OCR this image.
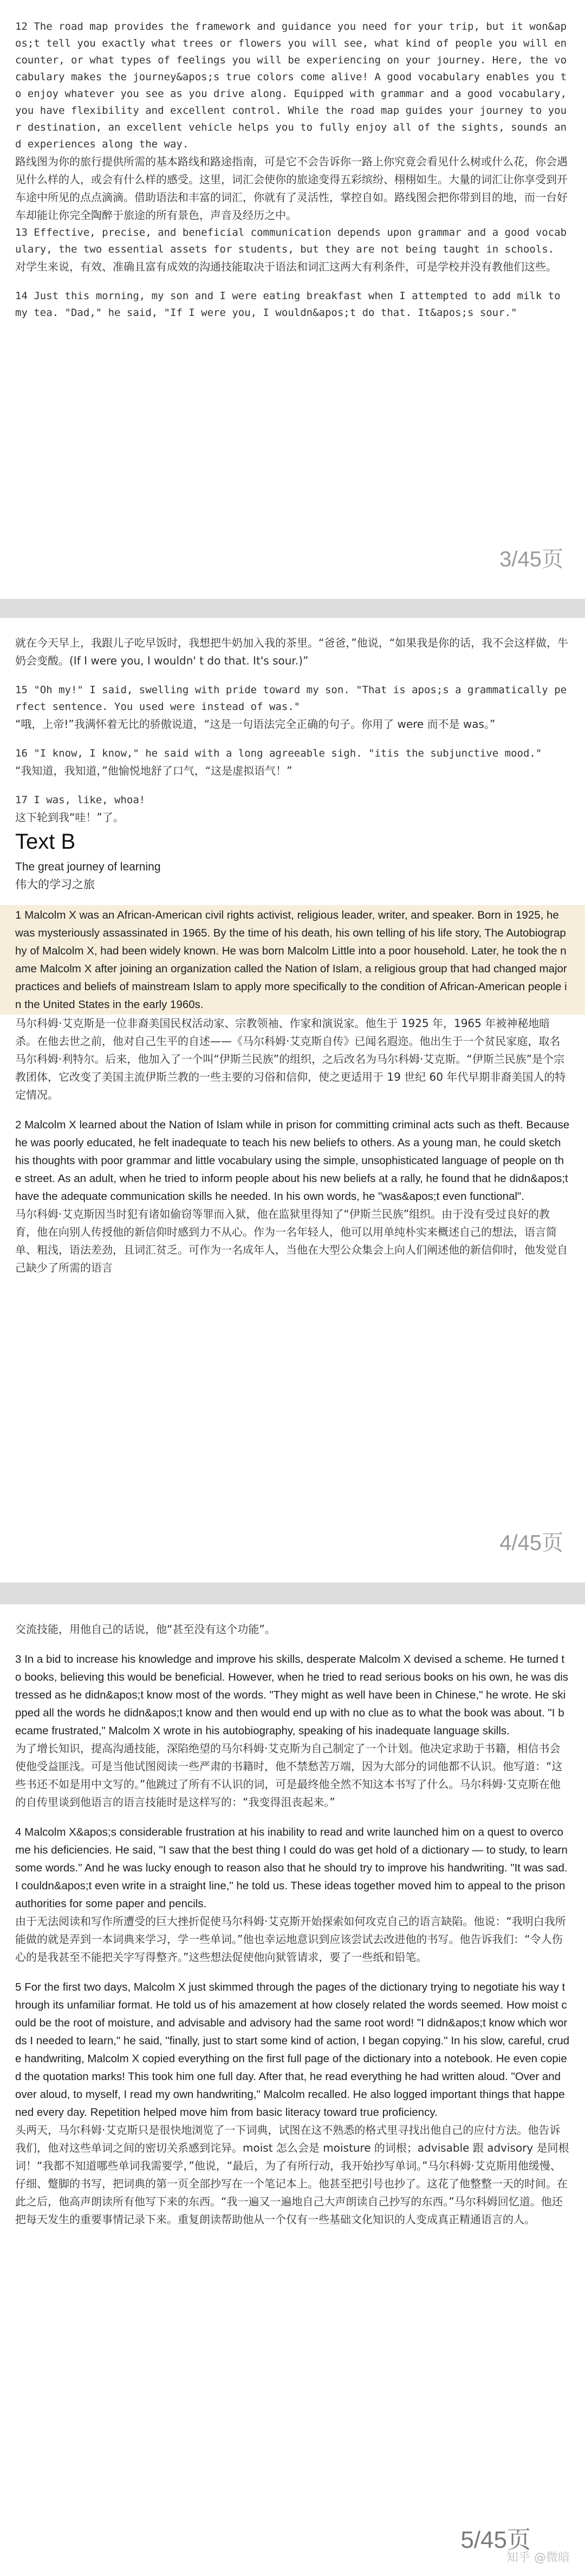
12 The road map provides the framework and guidance you need for your trip, but it won&apos;t tell you exactly what trees or flowers you will see, what kind of people you will encounter, or what types of feelings you will be experiencing on your journey. Here, the vocabulary makes the journey&apos;s true colors come alive! A good vocabulary enables you to enjoy whatever you see as you drive along. Equipped with grammar and a good vocabulary, you have flexibility and excellent control. While the road map guides your journey to your destination, an excellent vehicle helps you to fully enjoy all of the sights, sounds and experiences along the way.
路线图为你的旅行提供所需的基本路线和路途指南，可是它不会告诉你一路上你究竟会看见什么树或什么花，你会遇见什么样的人，或会有什么样的感受。这里，词汇会使你的旅途变得五彩缤纷、栩栩如生。大量的词汇让你享受到开车途中所见的点点滴滴。借助语法和丰富的词汇，你就有了灵活性，掌控自如。路线图会把你带到目的地，而一台好车却能让你完全陶醉于旅途的所有景色，声音及经历之中。
13 Effective, precise, and beneficial communication depends upon grammar and a good vocabulary, the two essential assets for students, but they are not being taught in schools.
对学生来说，有效、准确且富有成效的沟通技能取决于语法和词汇这两大有利条件，可是学校并没有教他们这些。
14 Just this morning, my son and I were eating breakfast when I attempted to add milk to my tea. "Dad," he said, "If I were you, I wouldn&apos;t do that. It&apos;s sour."
3/45页
就在今天早上，我跟儿子吃早饭时，我想把牛奶加入我的茶里。“爸爸，”他说，“如果我是你的话，我不会这样做，牛奶会变酸。(If I were you, I wouldn' t do that. It's sour.)”
15 "Oh my!" I said, swelling with pride toward my son. "That is apos;s a grammatically perfect sentence. You used were instead of was."
“哦，上帝!”我满怀着无比的骄傲说道，“这是一句语法完全正确的句子。你用了 were 而不是 was。”
16 "I know, I know," he said with a long agreeable sigh. "itis the subjunctive mood."
“我知道，我知道，”他愉悦地舒了口气，“这是虚拟语气！”
17 I was, like, whoa!
这下轮到我“哇！”了。
Text B
The great journey of learning
伟大的学习之旅
1 Malcolm X was an African-American civil rights activist, religious leader, writer, and speaker. Born in 1925, he was mysteriously assassinated in 1965. By the time of his death, his own telling of his life story, The Autobiography of Malcolm X, had been widely known. He was born Malcolm Little into a poor household. Later, he took the name Malcolm X after joining an organization called the Nation of Islam, a religious group that had changed major practices and beliefs of mainstream Islam to apply more specifically to the condition of African-American people in the United States in the early 1960s.
马尔科姆·艾克斯是一位非裔美国民权活动家、宗教领袖、作家和演说家。他生于 1925 年，1965 年被神秘地暗杀。在他去世之前，他对自己生平的自述——《马尔科姆·艾克斯自传》已闻名遐迩。他出生于一个贫民家庭，取名马尔科姆·利特尔。后来，他加入了一个叫“伊斯兰民族”的组织，之后改名为马尔科姆·艾克斯。“伊斯兰民族”是个宗教团体，它改变了美国主流伊斯兰教的一些主要的习俗和信仰，使之更适用于 19 世纪 60 年代早期非裔美国人的特定情况。
2 Malcolm X learned about the Nation of Islam while in prison for committing criminal acts such as theft. Because he was poorly educated, he felt inadequate to teach his new beliefs to others. As a young man, he could sketch his thoughts with poor grammar and little vocabulary using the simple, unsophisticated language of people on the street. As an adult, when he tried to inform people about his new beliefs at a rally, he found that he didn&apos;t have the adequate communication skills he needed. In his own words, he "was&apos;t even functional".
马尔科姆·艾克斯因当时犯有诸如偷窃等罪而入狱，他在监狱里得知了“伊斯兰民族”组织。由于没有受过良好的教育，他在向别人传授他的新信仰时感到力不从心。作为一名年轻人，他可以用单纯朴实来概述自己的想法，语言简单、粗浅，语法差劲，且词汇贫乏。可作为一名成年人，当他在大型公众集会上向人们阐述他的新信仰时，他发觉自己缺少了所需的语言
4/45页
交流技能，用他自己的话说，他“甚至没有这个功能”。
3 In a bid to increase his knowledge and improve his skills, desperate Malcolm X devised a scheme. He turned to books, believing this would be beneficial. However, when he tried to read serious books on his own, he was distressed as he didn&apos;t know most of the words. "They might as well have been in Chinese," he wrote. He skipped all the words he didn&apos;t know and then would end up with no clue as to what the book was about. "I became frustrated," Malcolm X wrote in his autobiography, speaking of his inadequate language skills.
为了增长知识，提高沟通技能，深陷绝望的马尔科姆·艾克斯为自己制定了一个计划。他决定求助于书籍，相信书会使他受益匪浅。可是当他试图阅读一些严肃的书籍时，他不禁愁苦万端，因为大部分的词他都不认识。他写道：“这些书还不如是用中文写的。”他跳过了所有不认识的词，可是最终他全然不知这本书写了什么。马尔科姆·艾克斯在他的自传里谈到他语言的语言技能时是这样写的：“我变得沮丧起来。”
4 Malcolm X&apos;s considerable frustration at his inability to read and write launched him on a quest to overcome his deficiencies. He said, "I saw that the best thing I could do was get hold of a dictionary — to study, to learn some words." And he was lucky enough to reason also that he should try to improve his handwriting. "It was sad. I couldn&apos;t even write in a straight line," he told us. These ideas together moved him to appeal to the prison authorities for some paper and pencils.
由于无法阅读和写作所遭受的巨大挫折促使马尔科姆·艾克斯开始探索如何攻克自己的语言缺陷。他说：“我明白我所能做的就是弄到一本词典来学习，学一些单词。”他也幸运地意识到应该尝试去改进他的书写。他告诉我们：“令人伤心的是我甚至不能把关字写得整齐。”这些想法促使他向狱管请求，要了一些纸和铅笔。
5 For the first two days, Malcolm X just skimmed through the pages of the dictionary trying to negotiate his way through its unfamiliar format. He told us of his amazement at how closely related the words seemed. How moist could be the root of moisture, and advisable and advisory had the same root word! "I didn&apos;t know which words I needed to learn," he said, "finally, just to start some kind of action, I began copying." In his slow, careful, crude handwriting, Malcolm X copied everything on the first full page of the dictionary into a notebook. He even copied the quotation marks! This took him one full day. After that, he read everything he had written aloud. "Over and over aloud, to myself, I read my own handwriting," Malcolm recalled. He also logged important things that happened every day. Repetition helped move him from basic literacy toward true proficiency.
头两天，马尔科姆·艾克斯只是很快地浏览了一下词典，试图在这不熟悉的格式里寻找出他自己的应付方法。他告诉我们，他对这些单词之间的密切关系感到诧异。moist 怎么会是 moisture 的词根；advisable 跟 advisory 是同根词！“我都不知道哪些单词我需要学，”他说，“最后，为了有所行动，我开始抄写单词。”马尔科姆·艾克斯用他缓慢、仔细、蹩脚的书写，把词典的第一页全部抄写在一个笔记本上。他甚至把引号也抄了。这花了他整整一天的时间。在此之后，他高声朗读所有他写下来的东西。“我一遍又一遍地自己大声朗读自己抄写的东西。”马尔科姆回忆道。他还把每天发生的重要事情记录下来。重复朗读帮助他从一个仅有一些基础文化知识的人变成真正精通语言的人。
5/45页
知乎 @微暗
